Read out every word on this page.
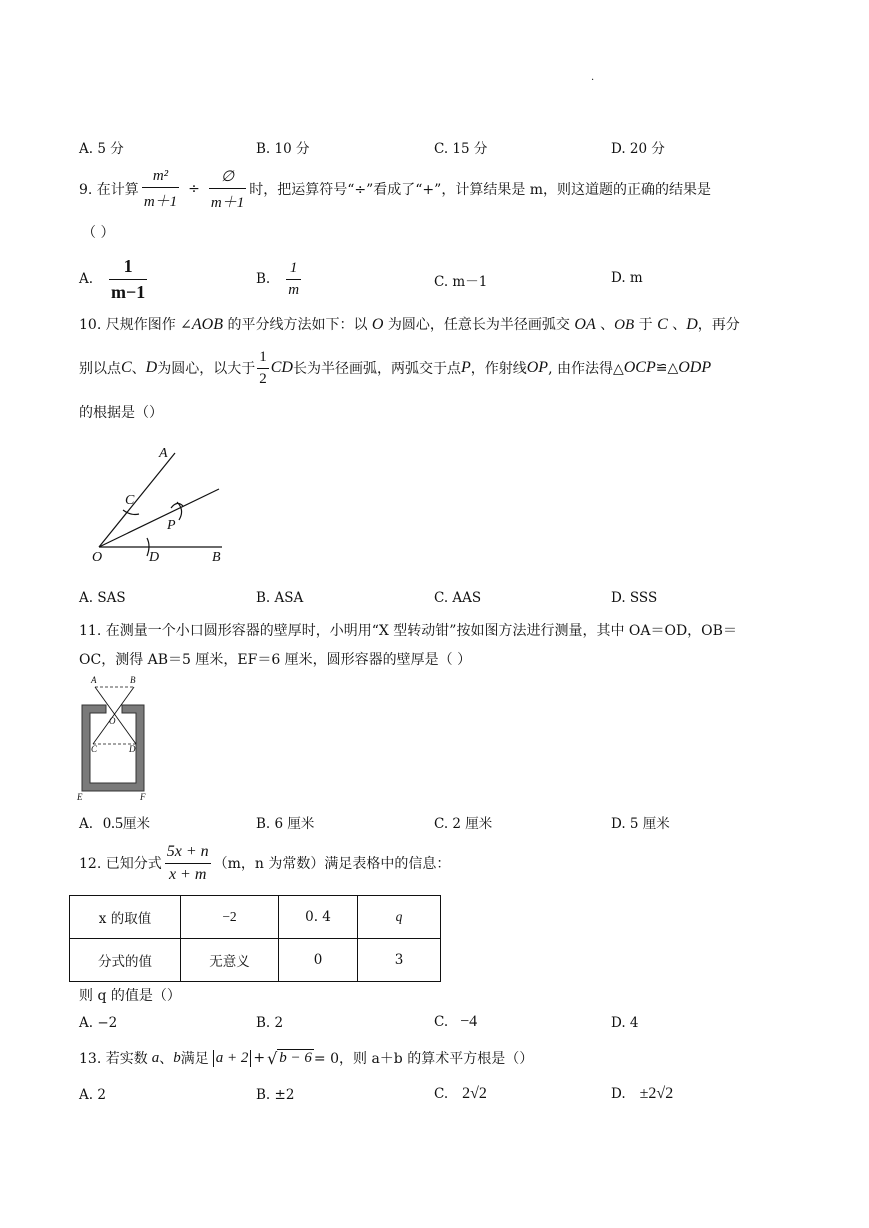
.
A. 5 分	B. 10 分	C. 15 分	D. 20 分
9. 在计算 $\frac{\text{m²}}{m+1} \div \frac{\emptyset}{m+1}$ 时，把运算符号“÷”看成了“+”，计算结果是 m，则这道题的正确的结果是
（ ）
A. $\frac{1}{m-1}$	B. $\frac{1}{m}$	C. m－1	D. m
10. 尺规作图作 ∠AOB 的平分线方法如下：以 O 为圆心，任意长为半径画弧交 OA 、OB 于 C 、D，再分
别以点 C 、 D 为圆心，以大于 $\frac{1}{2}$ CD 长为半径画弧，两弧交于点 P ，作射线 OP , 由作法得△ OCP ≌△ ODP
的根据是（）
A
C
P
O	D	B
A. SAS	B. ASA	C. AAS	D. SSS
11. 在测量一个小口圆形容器的壁厚时，小明用“X 型转动钳”按如图方法进行测量，其中 OA＝OD，OB＝
OC，测得 AB＝5 厘米，EF＝6 厘米，圆形容器的壁厚是（ ）
A	B
O
C	D
E	F
A. 0.5厘米	B. 6 厘米	C. 2 厘米	D. 5 厘米
12. 已知分式 $\frac{5x + n}{x + m} (m$，n 为常数）满足表格中的信息：
x 的取值	−2	0. 4	q
分式的值	无意义	0	3
则 q 的值是（）
A. −2	B. 2	C. −4	D. 4
13. 若实数 a 、 b 满足 a + 2 + √ b − 6 = 0，则 a＋b 的算术平方根是（）
A. 2	B. ±2	C. 2√2	D. ±2√2
